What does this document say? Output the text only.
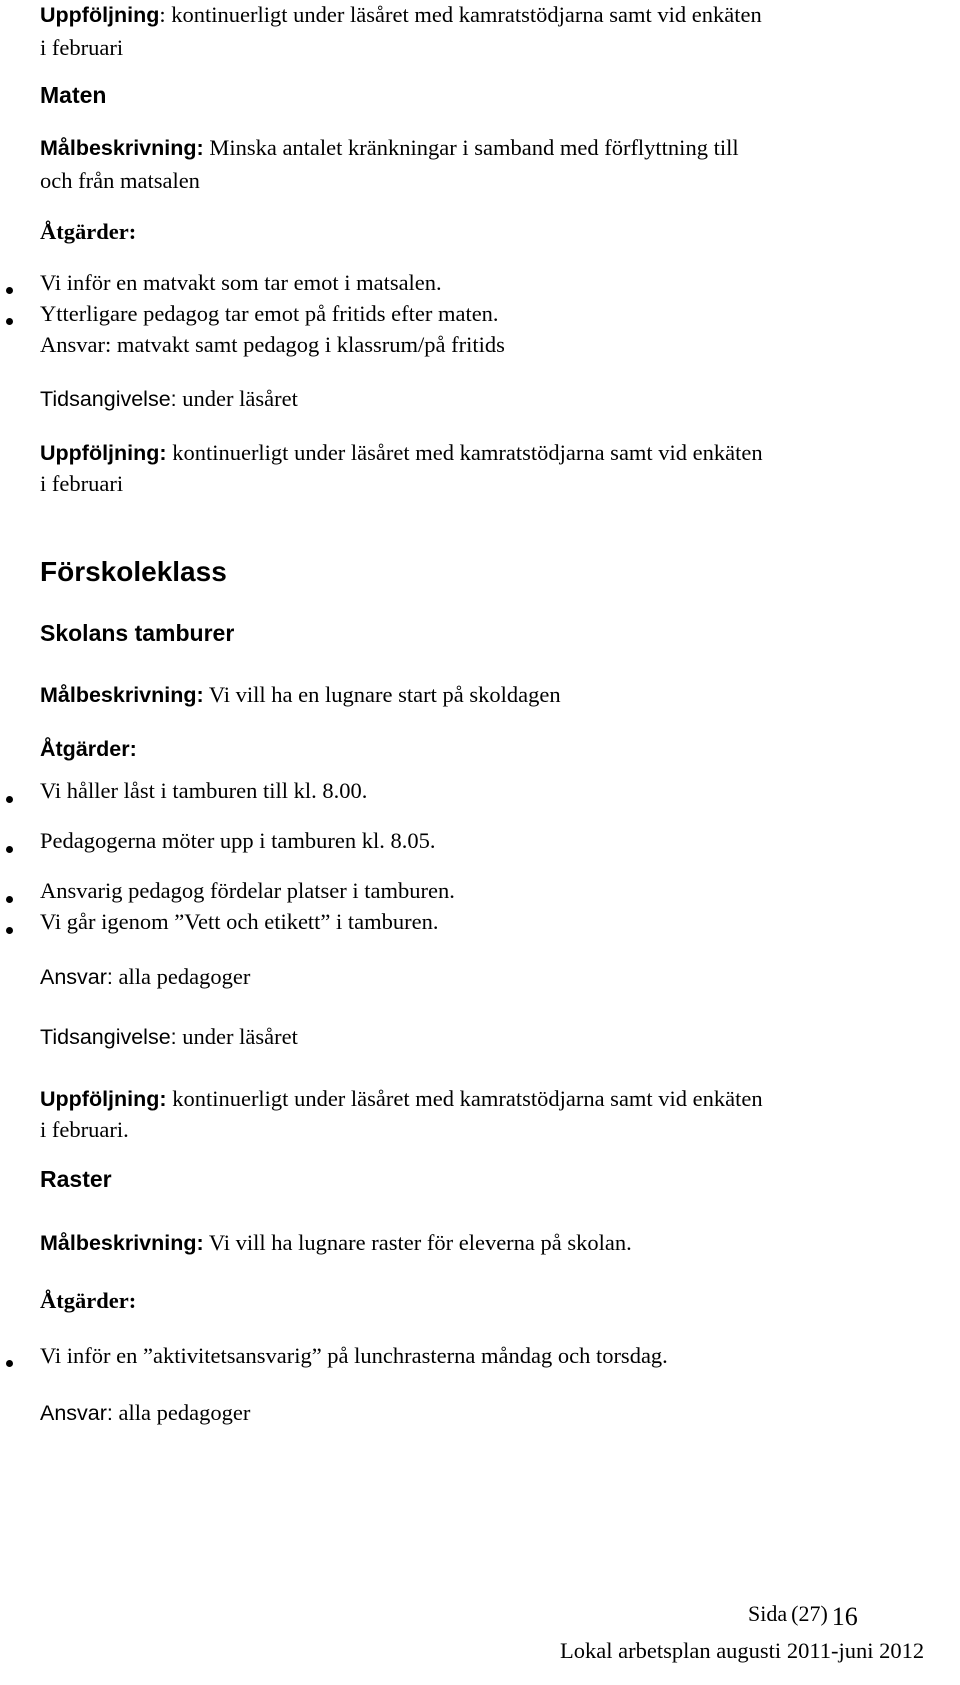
Uppföljning: kontinuerligt under läsåret med kamratstödjarna samt vid enkäten
i februari
Maten
Målbeskrivning: Minska antalet kränkningar i samband med förflyttning till
och från matsalen
Åtgärder:
Vi inför en matvakt som tar emot i matsalen.
Ytterligare pedagog tar emot på fritids efter maten.
Ansvar: matvakt samt pedagog i klassrum/på fritids
Tidsangivelse: under läsåret
Uppföljning: kontinuerligt under läsåret med kamratstödjarna samt vid enkäten
i februari
Förskoleklass
Skolans tamburer
Målbeskrivning: Vi vill ha en lugnare start på skoldagen
Åtgärder:
Vi håller låst i tamburen till kl. 8.00.
Pedagogerna möter upp i tamburen kl. 8.05.
Ansvarig pedagog fördelar platser i tamburen.
Vi går igenom ”Vett och etikett” i tamburen.
Ansvar: alla pedagoger
Tidsangivelse: under läsåret
Uppföljning: kontinuerligt under läsåret med kamratstödjarna samt vid enkäten
i februari.
Raster
Målbeskrivning: Vi vill ha lugnare raster för eleverna på skolan.
Åtgärder:
Vi inför en ”aktivitetsansvarig” på lunchrasterna måndag och torsdag.
Ansvar: alla pedagoger
Sida (27) 16
Lokal arbetsplan augusti 2011-juni 2012
